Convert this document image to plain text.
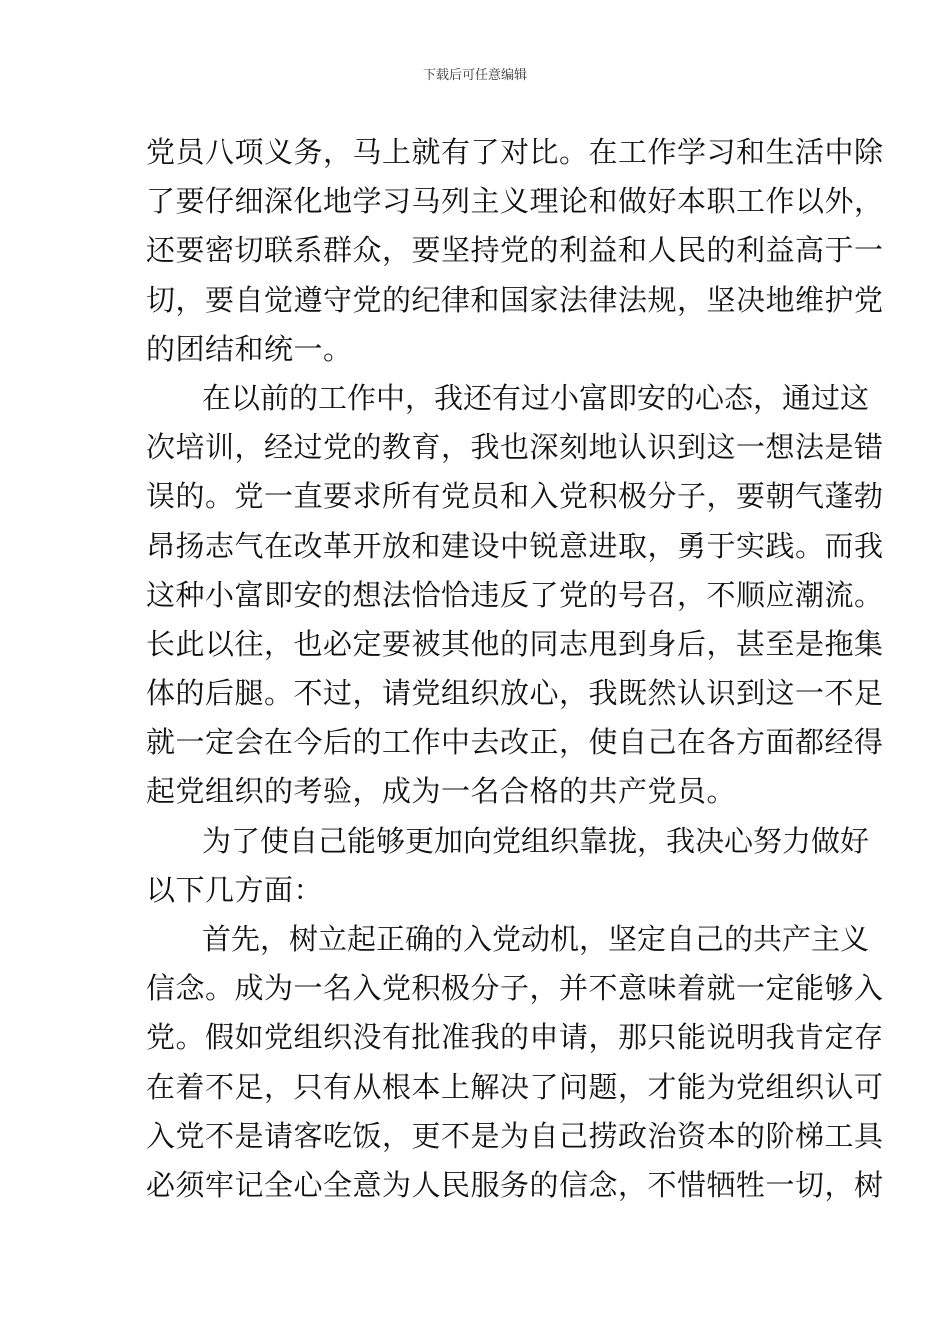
下载后可任意编辑
党员八项义务，马上就有了对比。在工作学习和生活中除
了要仔细深化地学习马列主义理论和做好本职工作以外，
还要密切联系群众，要坚持党的利益和人民的利益高于一
切，要自觉遵守党的纪律和国家法律法规，坚决地维护党
的团结和统一。
在以前的工作中，我还有过小富即安的心态，通过这
次培训，经过党的教育，我也深刻地认识到这一想法是错
误的。党一直要求所有党员和入党积极分子，要朝气蓬勃
昂扬志气在改革开放和建设中锐意进取，勇于实践。而我
这种小富即安的想法恰恰违反了党的号召，不顺应潮流。
长此以往，也必定要被其他的同志甩到身后，甚至是拖集
体的后腿。不过，请党组织放心，我既然认识到这一不足
就一定会在今后的工作中去改正，使自己在各方面都经得
起党组织的考验，成为一名合格的共产党员。
为了使自己能够更加向党组织靠拢，我决心努力做好
以下几方面：
首先，树立起正确的入党动机，坚定自己的共产主义
信念。成为一名入党积极分子，并不意味着就一定能够入
党。假如党组织没有批准我的申请，那只能说明我肯定存
在着不足，只有从根本上解决了问题，才能为党组织认可
入党不是请客吃饭，更不是为自己捞政治资本的阶梯工具
必须牢记全心全意为人民服务的信念，不惜牺牲一切，树
